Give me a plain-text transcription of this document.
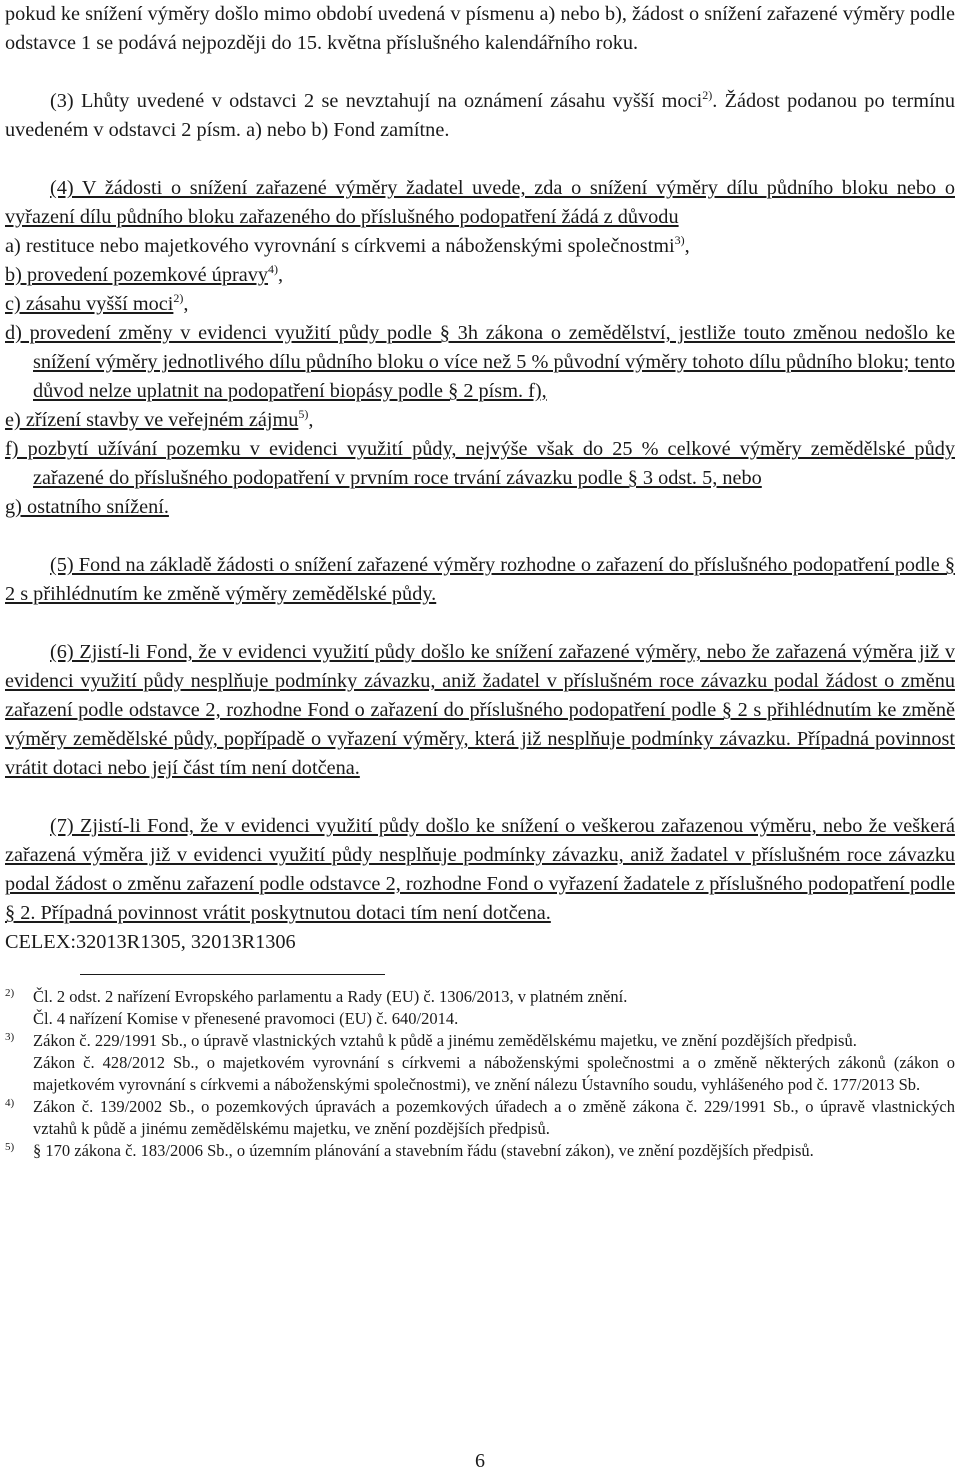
pokud ke snížení výměry došlo mimo období uvedená v písmenu a) nebo b), žádost o snížení zařazené výměry podle odstavce 1 se podává nejpozději do 15. května příslušného kalendářního roku.

(3) Lhůty uvedené v odstavci 2 se nevztahují na oznámení zásahu vyšší moci$^{2)}$. Žádost podanou po termínu uvedeném v odstavci 2 písm. a) nebo b) Fond zamítne.

(4) V žádosti o snížení zařazené výměry žadatel uvede, zda o snížení výměry dílu půdního bloku nebo o vyřazení dílu půdního bloku zařazeného do příslušného podopatření žádá z důvodu

a) restituce nebo majetkového vyrovnání s církvemi a náboženskými společnostmi$^{3)}$,

b) provedení pozemkové úpravy$^{4)}$,

c) zásahu vyšší moci$^{2)}$,

d) provedení změny v evidenci využití půdy podle § 3h zákona o zemědělství, jestliže touto změnou nedošlo ke snížení výměry jednotlivého dílu půdního bloku o více než 5 % původní výměry tohoto dílu půdního bloku; tento důvod nelze uplatnit na podopatření biopásy podle § 2 písm. f),

e) zřízení stavby ve veřejném zájmu$^{5)}$,

f) pozbytí užívání pozemku v evidenci využití půdy, nejvýše však do 25 % celkové výměry zemědělské půdy zařazené do příslušného podopatření v prvním roce trvání závazku podle § 3 odst. 5, nebo

g) ostatního snížení.

(5) Fond na základě žádosti o snížení zařazené výměry rozhodne o zařazení do příslušného podopatření podle § 2 s přihlédnutím ke změně výměry zemědělské půdy.

(6) Zjistí-li Fond, že v evidenci využití půdy došlo ke snížení zařazené výměry, nebo že zařazená výměra již v evidenci využití půdy nesplňuje podmínky závazku, aniž žadatel v příslušném roce závazku podal žádost o změnu zařazení podle odstavce 2, rozhodne Fond o zařazení do příslušného podopatření podle § 2 s přihlédnutím ke změně výměry zemědělské půdy, popřípadě o vyřazení výměry, která již nesplňuje podmínky závazku. Případná povinnost vrátit dotaci nebo její část tím není dotčena.

(7) Zjistí-li Fond, že v evidenci využití půdy došlo ke snížení o veškerou zařazenou výměru, nebo že veškerá zařazená výměra již v evidenci využití půdy nesplňuje podmínky závazku, aniž žadatel v příslušném roce závazku podal žádost o změnu zařazení podle odstavce 2, rozhodne Fond o vyřazení žadatele z příslušného podopatření podle § 2. Případná povinnost vrátit poskytnutou dotaci tím není dotčena.

CELEX:32013R1305, 32013R1306

2) Čl. 2 odst. 2 nařízení Evropského parlamentu a Rady (EU) č. 1306/2013, v platném znění.
Čl. 4 nařízení Komise v přenesené pravomoci (EU) č. 640/2014.
3) Zákon č. 229/1991 Sb., o úpravě vlastnických vztahů k půdě a jinému zemědělskému majetku, ve znění pozdějších předpisů.
Zákon č. 428/2012 Sb., o majetkovém vyrovnání s církvemi a náboženskými společnostmi a o změně některých zákonů (zákon o majetkovém vyrovnání s církvemi a náboženskými společnostmi), ve znění nálezu Ústavního soudu, vyhlášeného pod č. 177/2013 Sb.
4) Zákon č. 139/2002 Sb., o pozemkových úpravách a pozemkových úřadech a o změně zákona č. 229/1991 Sb., o úpravě vlastnických vztahů k půdě a jinému zemědělskému majetku, ve znění pozdějších předpisů.
5) § 170 zákona č. 183/2006 Sb., o územním plánování a stavebním řádu (stavební zákon), ve znění pozdějších předpisů.
6
